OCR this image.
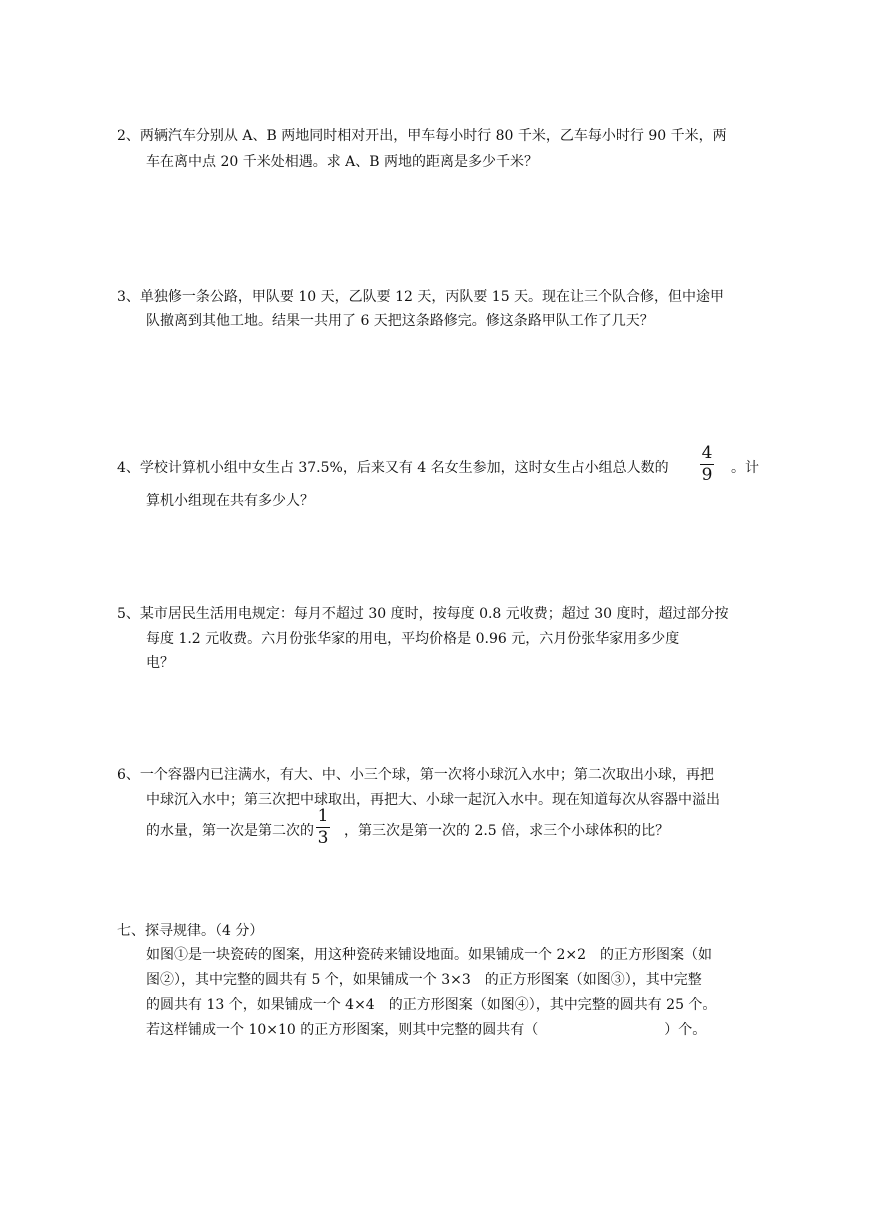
2、两辆汽车分别从 A、B 两地同时相对开出，甲车每小时行 80 千米，乙车每小时行 90 千米，两
车在离中点 20 千米处相遇。求 A、B 两地的距离是多少千米？
3、单独修一条公路，甲队要 10 天，乙队要 12 天，丙队要 15 天。现在让三个队合修，但中途甲
队撤离到其他工地。结果一共用了 6 天把这条路修完。修这条路甲队工作了几天？
4、学校计算机小组中女生占 37.5%，后来又有 4 名女生参加，这时女生占小组总人数的
4
9 。计
算机小组现在共有多少人？
5、某市居民生活用电规定：每月不超过 30 度时，按每度 0.8 元收费；超过 30 度时，超过部分按
每度 1.2 元收费。六月份张华家的用电，平均价格是 0.96 元，六月份张华家用多少度
电？
6、一个容器内已注满水，有大、中、小三个球，第一次将小球沉入水中；第二次取出小球，再把
中球沉入水中；第三次把中球取出，再把大、小球一起沉入水中。现在知道每次从容器中溢出
的水量，第一次是第二次的
1
3 ，第三次是第一次的 2.5 倍，求三个小球体积的比？
七、探寻规律。（4 分）
如图①是一块瓷砖的图案，用这种瓷砖来铺设地面。如果铺成一个 2×2　的正方形图案（如
图②），其中完整的圆共有 5 个，如果铺成一个 3×3　的正方形图案（如图③），其中完整
的圆共有 13 个，如果铺成一个 4×4　的正方形图案（如图④），其中完整的圆共有 25 个。
若这样铺成一个 10×10 的正方形图案，则其中完整的圆共有（	）个。
